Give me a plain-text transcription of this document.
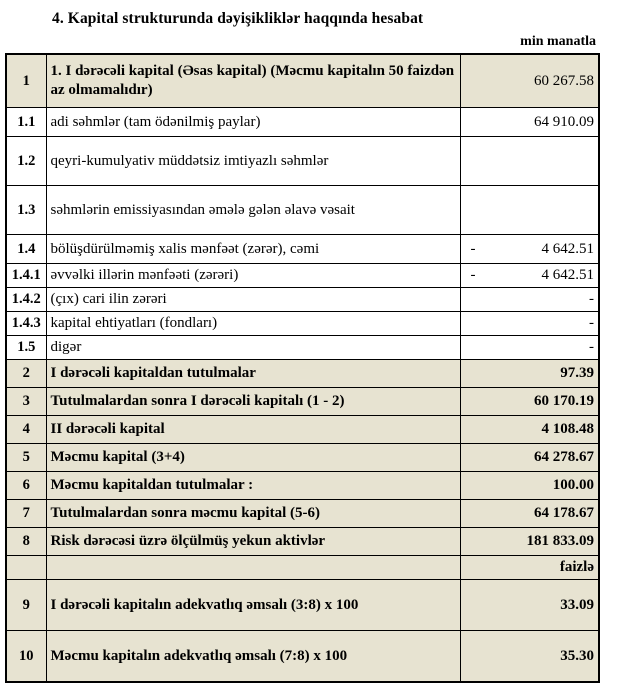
4. Kapital strukturunda dəyişikliklər haqqında hesabat
min manatla
1	1. I dərəcəli kapital (Əsas kapital) (Məcmu kapitalın 50 faizdən az olmamalıdır)	60 267.58
1.1	adi səhmlər (tam ödənilmiş paylar)	64 910.09
1.2	qeyri-kumulyativ müddətsiz imtiyazlı səhmlər	
1.3	səhmlərin emissiyasından əmələ gələn əlavə vəsait	
1.4	bölüşdürülməmiş xalis mənfəət (zərər), cəmi	- 4 642.51

1.4.1	əvvəlki illərin mənfəəti (zərəri)	- 4 642.51

1.4.2	(çıx) cari ilin zərəri	-
1.4.3	kapital ehtiyatları (fondları)	-
1.5	digər	-
2	I dərəcəli kapitaldan tutulmalar	97.39
3	Tutulmalardan sonra I dərəcəli kapitalı (1 - 2)	60 170.19
4	II dərəcəli kapital	4 108.48
5	Məcmu kapital (3+4)	64 278.67
6	Məcmu kapitaldan tutulmalar :	100.00
7	Tutulmalardan sonra məcmu kapital (5-6)	64 178.67
8	Risk dərəcəsi üzrə ölçülmüş yekun aktivlər	181 833.09
		faizlə
9	I dərəcəli kapitalın adekvatlıq əmsalı (3:8) x 100	33.09
10	Məcmu kapitalın adekvatlıq əmsalı (7:8) x 100	35.30
